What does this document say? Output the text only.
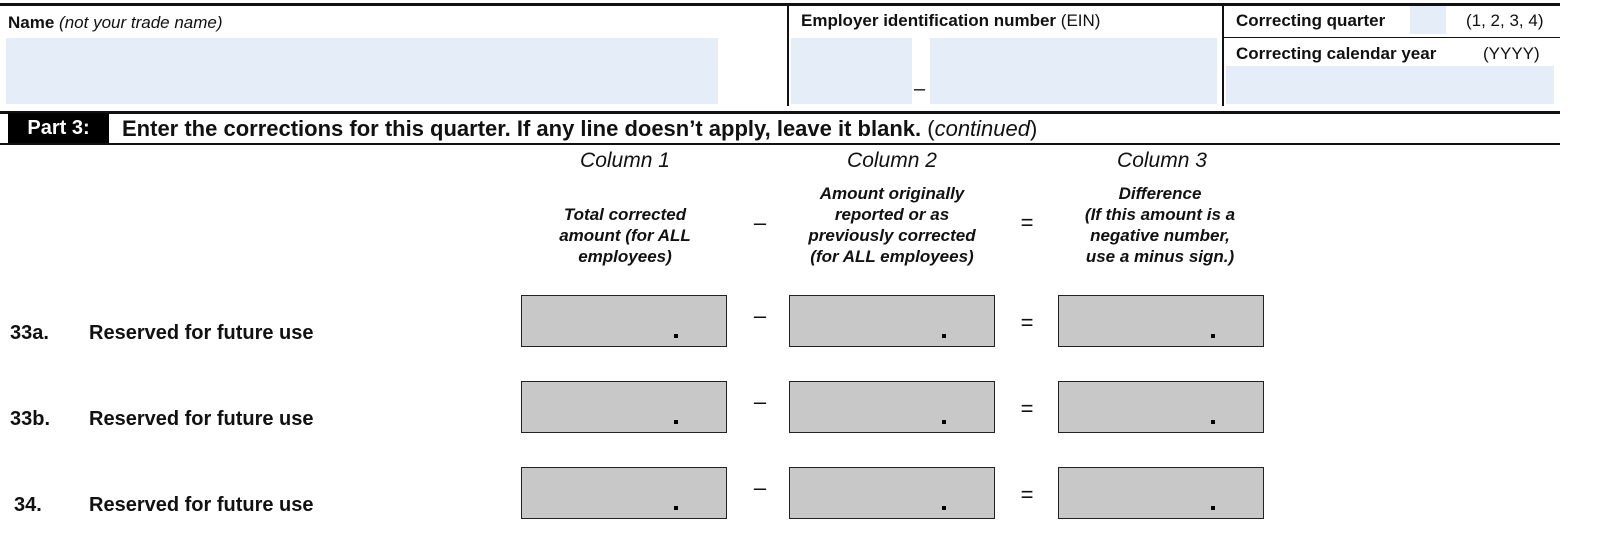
Name (not your trade name)	Employer identification number (EIN)
–
Correcting quarter	(1, 2, 3, 4)
Correcting calendar year	(YYYY)
Part 3:	Enter the corrections for this quarter. If any line doesn’t apply, leave it blank. (continued)
Column 1	Column 2	Column 3
Total corrected
amount (for ALL
employees)
–
Amount originally
reported or as
previously corrected
(for ALL employees)
=
Difference
(If this amount is a
negative number,
use a minus sign.)
33a. Reserved for future use
–	=
33b. Reserved for future use
–	=
34. Reserved for future use
–	=
